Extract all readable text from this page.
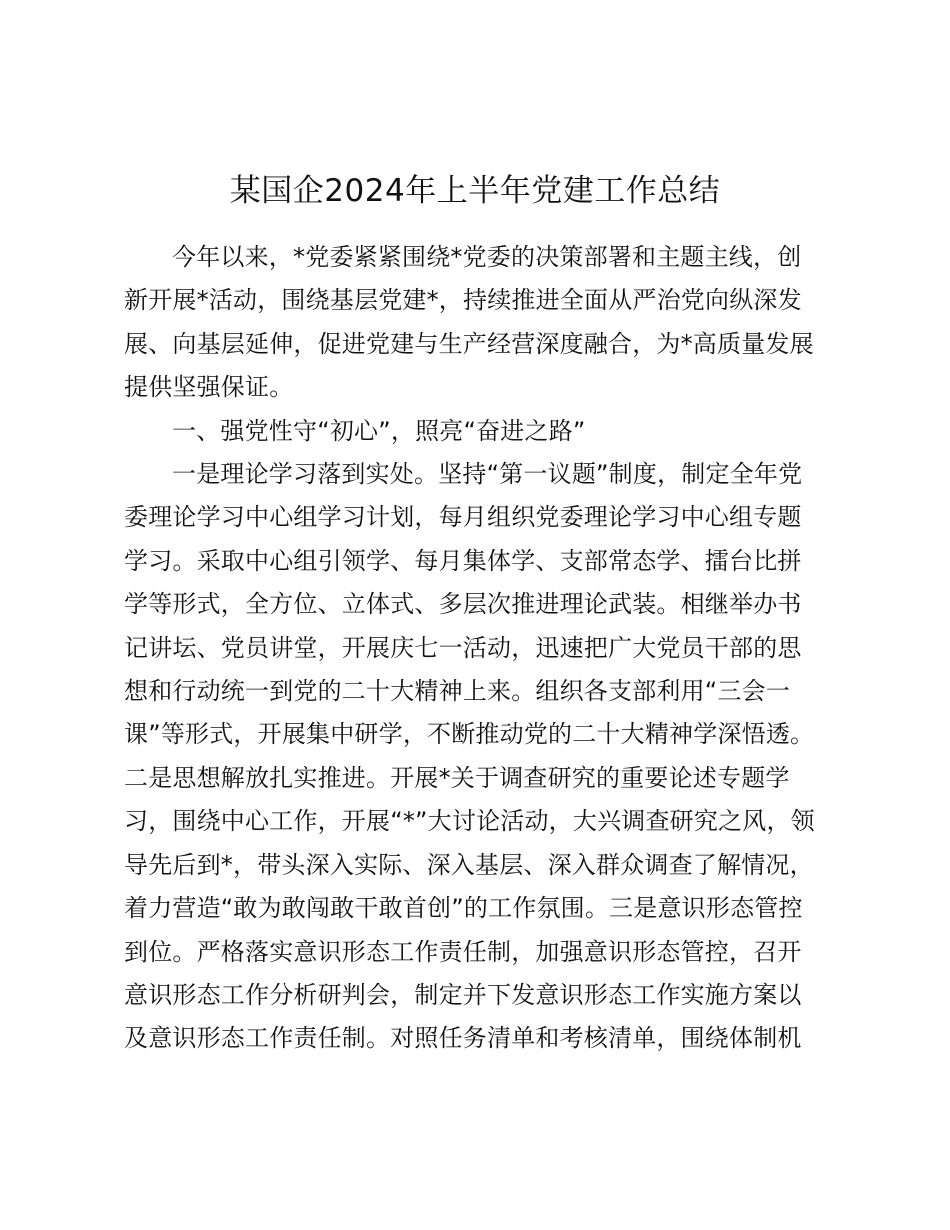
某国企2024年上半年党建工作总结
今年以来，*党委紧紧围绕*党委的决策部署和主题主线，创
新开展*活动，围绕基层党建*，持续推进全面从严治党向纵深发
展、向基层延伸，促进党建与生产经营深度融合，为*高质量发展
提供坚强保证。
一、强党性守“初心”，照亮“奋进之路”
一是理论学习落到实处。坚持“第一议题”制度，制定全年党
委理论学习中心组学习计划，每月组织党委理论学习中心组专题
学习。采取中心组引领学、每月集体学、支部常态学、擂台比拼
学等形式，全方位、立体式、多层次推进理论武装。相继举办书
记讲坛、党员讲堂，开展庆七一活动，迅速把广大党员干部的思
想和行动统一到党的二十大精神上来。组织各支部利用“三会一
课”等形式，开展集中研学，不断推动党的二十大精神学深悟透。
二是思想解放扎实推进。开展*关于调查研究的重要论述专题学
习，围绕中心工作，开展“*”大讨论活动，大兴调查研究之风，领
导先后到*，带头深入实际、深入基层、深入群众调查了解情况，
着力营造“敢为敢闯敢干敢首创”的工作氛围。三是意识形态管控
到位。严格落实意识形态工作责任制，加强意识形态管控，召开
意识形态工作分析研判会，制定并下发意识形态工作实施方案以
及意识形态工作责任制。对照任务清单和考核清单，围绕体制机
